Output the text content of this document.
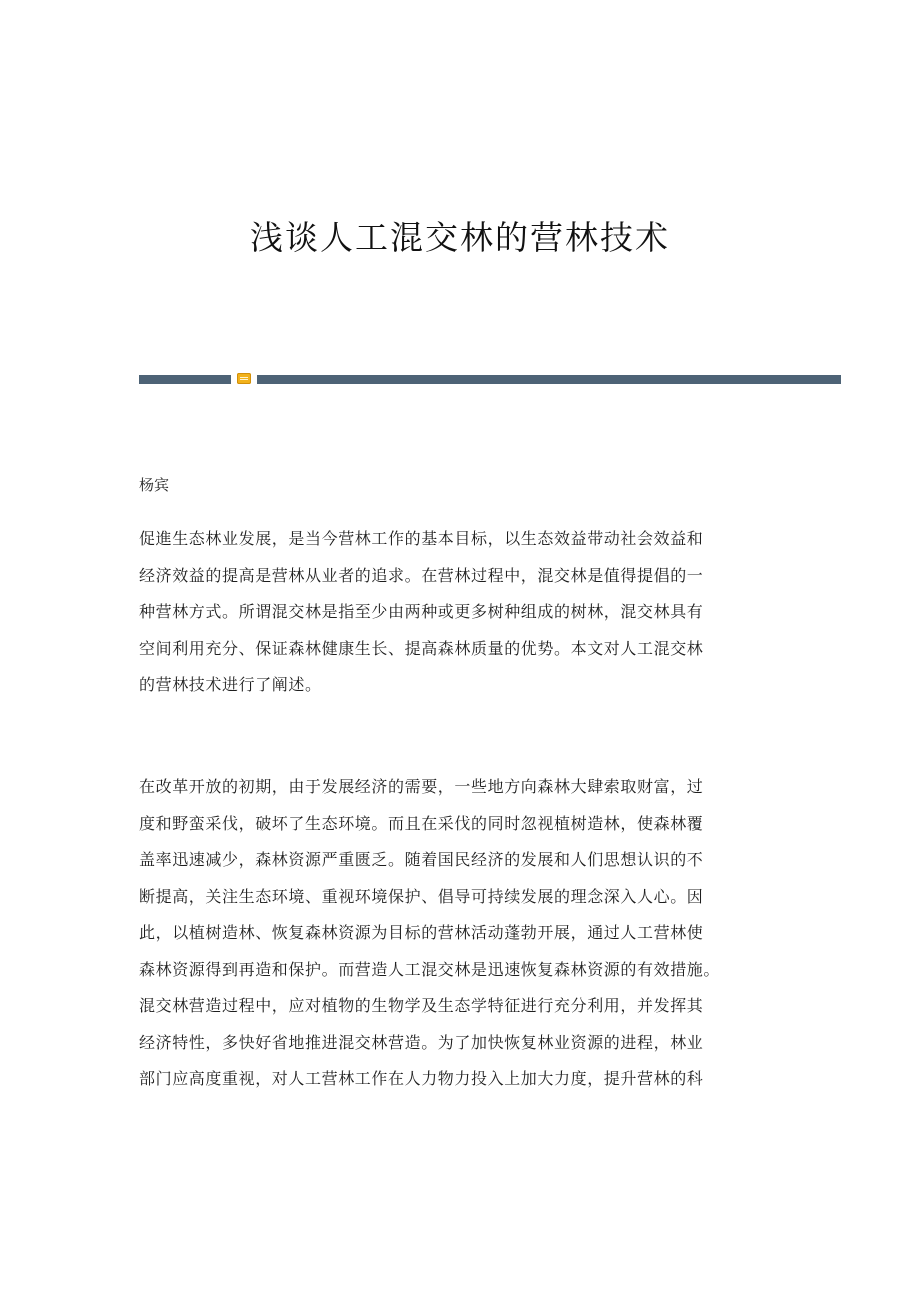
浅谈人工混交林的营林技术

杨宾

促進生态林业发展，是当今营林工作的基本目标，以生态效益带动社会效益和
经济效益的提高是营林从业者的追求。在营林过程中，混交林是值得提倡的一
种营林方式。所谓混交林是指至少由两种或更多树种组成的树林，混交林具有
空间利用充分、保证森林健康生长、提高森林质量的优势。本文对人工混交林
的营林技术进行了阐述。
在改革开放的初期，由于发展经济的需要，一些地方向森林大肆索取财富，过
度和野蛮采伐，破坏了生态环境。而且在采伐的同时忽视植树造林，使森林覆
盖率迅速减少，森林资源严重匮乏。随着国民经济的发展和人们思想认识的不
断提高，关注生态环境、重视环境保护、倡导可持续发展的理念深入人心。因
此，以植树造林、恢复森林资源为目标的营林活动蓬勃开展，通过人工营林使
森林资源得到再造和保护。而营造人工混交林是迅速恢复森林资源的有效措施。
混交林营造过程中，应对植物的生物学及生态学特征进行充分利用，并发挥其
经济特性，多快好省地推进混交林营造。为了加快恢复林业资源的进程，林业
部门应高度重视，对人工营林工作在人力物力投入上加大力度，提升营林的科
